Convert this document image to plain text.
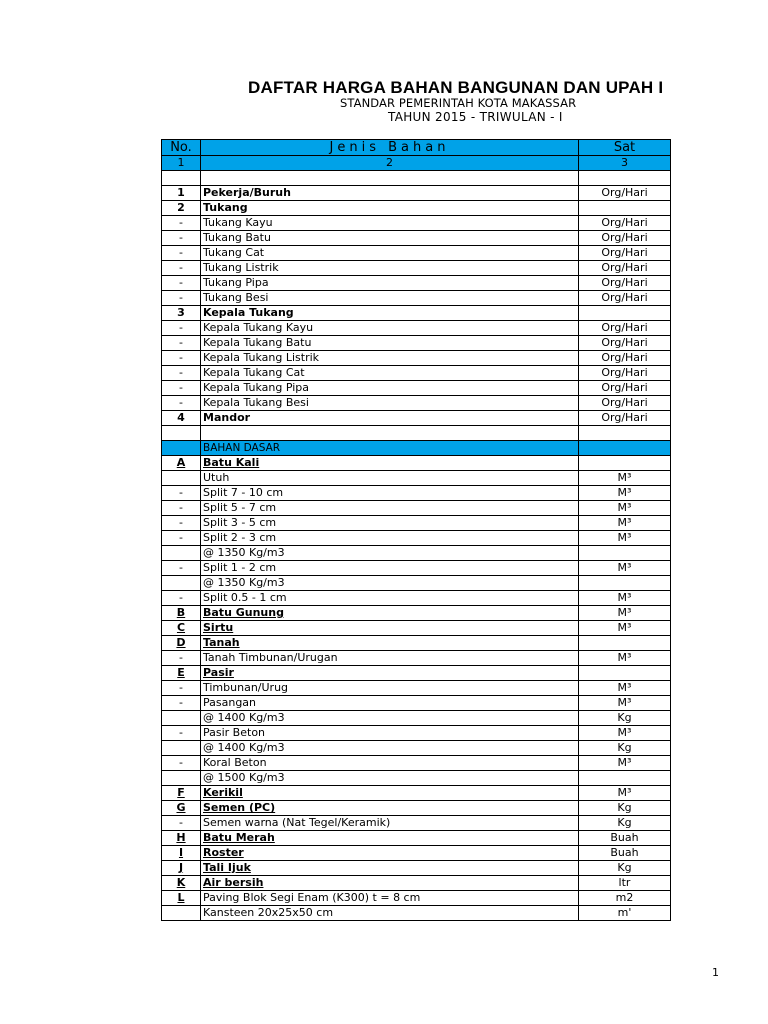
DAFTAR HARGA BAHAN BANGUNAN DAN UPAH I
STANDAR PEMERINTAH KOTA MAKASSAR
TAHUN 2015 - TRIWULAN - I
No.	Jenis Bahan	Sat
1	2	3

1	Pekerja/Buruh	Org/Hari
2	Tukang	
-	Tukang Kayu	Org/Hari
-	Tukang Batu	Org/Hari
-	Tukang Cat	Org/Hari
-	Tukang Listrik	Org/Hari
-	Tukang Pipa	Org/Hari
-	Tukang Besi	Org/Hari
3	Kepala Tukang	
-	Kepala Tukang Kayu	Org/Hari
-	Kepala Tukang Batu	Org/Hari
-	Kepala Tukang Listrik	Org/Hari
-	Kepala Tukang Cat	Org/Hari
-	Kepala Tukang Pipa	Org/Hari
-	Kepala Tukang Besi	Org/Hari
4	Mandor	Org/Hari

	BAHAN DASAR	
A	Batu Kali	
	Utuh	M³
-	Split 7 - 10 cm	M³
-	Split 5 - 7 cm	M³
-	Split 3 - 5 cm	M³
-	Split 2 - 3 cm	M³
	@ 1350 Kg/m3	
-	Split 1 - 2 cm	M³
	@ 1350 Kg/m3	
-	Split 0.5 - 1 cm	M³
B	Batu Gunung	M³
C	Sirtu	M³
D	Tanah	
-	Tanah Timbunan/Urugan	M³
E	Pasir	
-	Timbunan/Urug	M³
-	Pasangan	M³
	@ 1400 Kg/m3	Kg
-	Pasir Beton	M³
	@ 1400 Kg/m3	Kg
-	Koral Beton	M³
	@ 1500 Kg/m3	
F	Kerikil	M³
G	Semen (PC)	Kg
-	Semen warna (Nat Tegel/Keramik)	Kg
H	Batu Merah	Buah
I	Roster	Buah
J	Tali Ijuk	Kg
K	Air bersih	ltr
L	Paving Blok Segi Enam (K300) t = 8 cm	m2
	Kansteen 20x25x50 cm	m'
1
